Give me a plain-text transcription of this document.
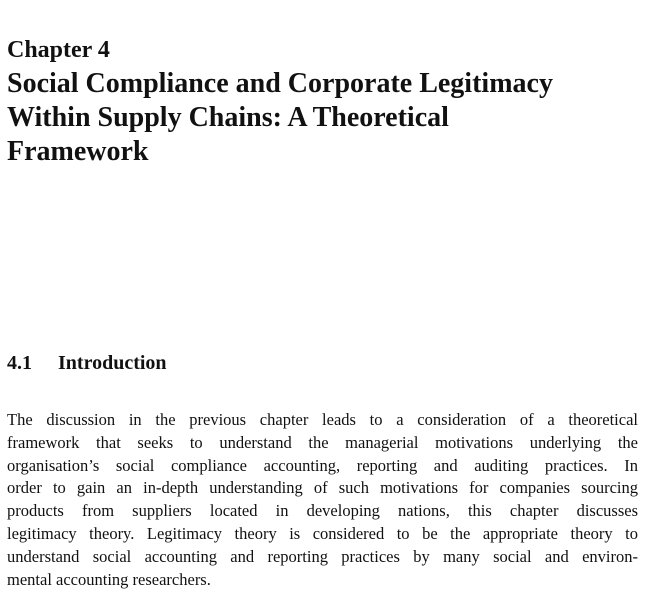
Chapter 4
Social Compliance and Corporate Legitimacy
Within Supply Chains: A Theoretical
Framework
4.1 Introduction

The discussion in the previous chapter leads to a consideration of a theoretical
framework that seeks to understand the managerial motivations underlying the
organisation’s social compliance accounting, reporting and auditing practices. In
order to gain an in-depth understanding of such motivations for companies sourcing
products from suppliers located in developing nations, this chapter discusses
legitimacy theory. Legitimacy theory is considered to be the appropriate theory to
understand social accounting and reporting practices by many social and environ-
mental accounting researchers.
